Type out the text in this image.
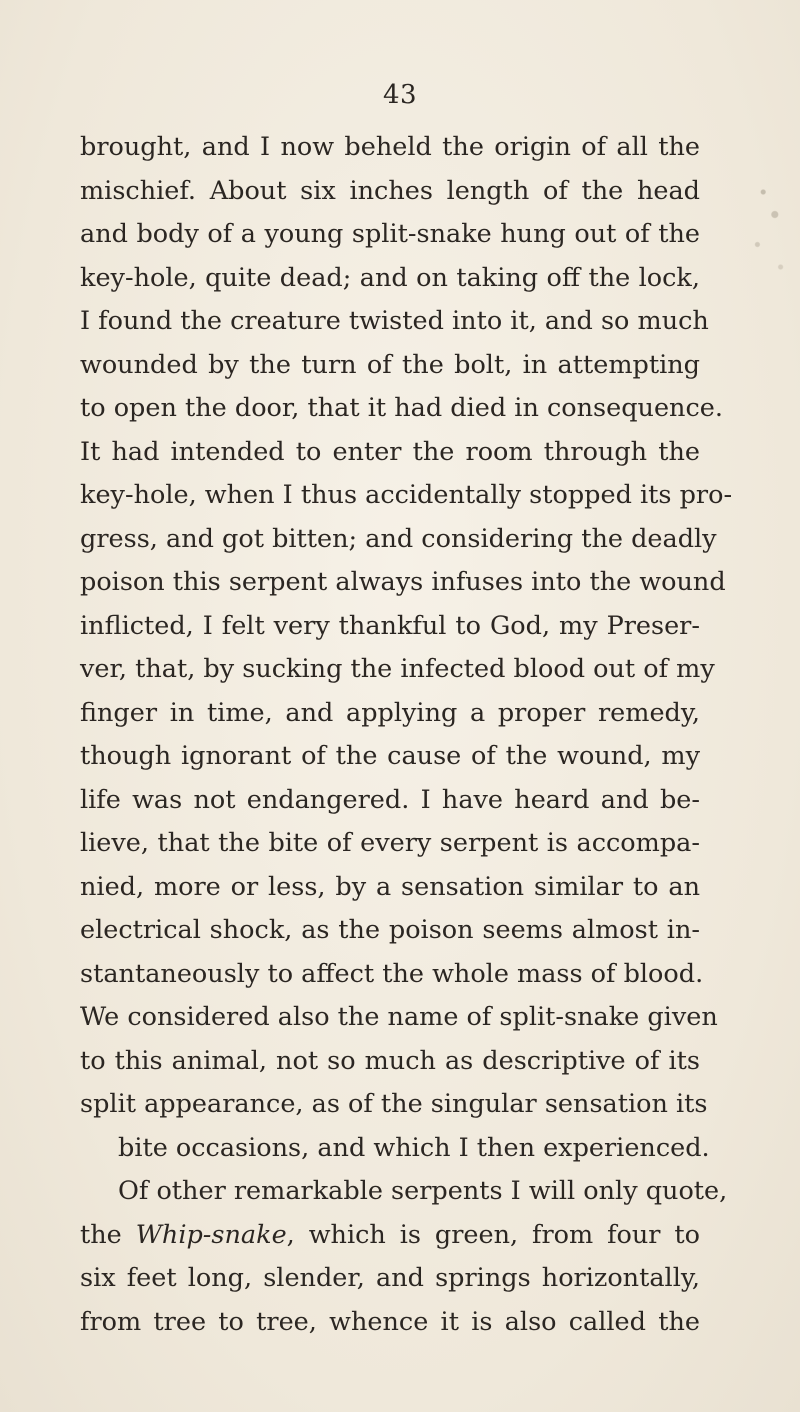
43
brought, and I now beheld the origin of all the
mischief. About six inches length of the head
and body of a young split-snake hung out of the
key-hole, quite dead; and on taking off the lock,
I found the creature twisted into it, and so much
wounded by the turn of the bolt, in attempting
to open the door, that it had died in consequence.
It had intended to enter the room through the
key-hole, when I thus accidentally stopped its pro-
gress, and got bitten; and considering the deadly
poison this serpent always infuses into the wound
inflicted, I felt very thankful to God, my Preser-
ver, that, by sucking the infected blood out of my
finger in time, and applying a proper remedy,
though ignorant of the cause of the wound, my
life was not endangered. I have heard and be-
lieve, that the bite of every serpent is accompa-
nied, more or less, by a sensation similar to an
electrical shock, as the poison seems almost in-
stantaneously to affect the whole mass of blood.
We considered also the name of split-snake given
to this animal, not so much as descriptive of its
split appearance, as of the singular sensation its
bite occasions, and which I then experienced.
Of other remarkable serpents I will only quote,
the Whip-snake, which is green, from four to
six feet long, slender, and springs horizontally,
from tree to tree, whence it is also called the
